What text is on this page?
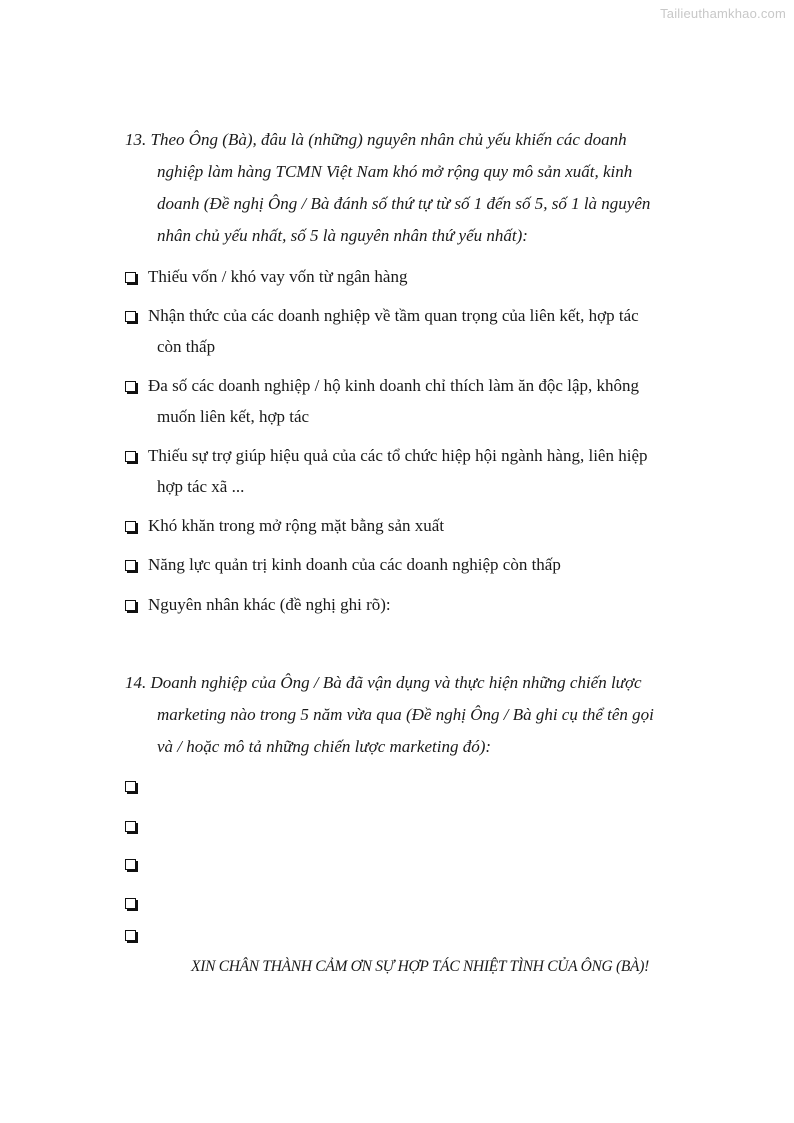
Tailieuthamkhao.com
13. Theo Ông (Bà), đâu là (những) nguyên nhân chủ yếu khiến các doanh
nghiệp làm hàng TCMN Việt Nam khó mở rộng quy mô sản xuất, kinh
doanh (Đề nghị Ông / Bà đánh số thứ tự từ số 1 đến số 5, số 1 là nguyên
nhân chủ yếu nhất, số 5 là nguyên nhân thứ yếu nhất):
Thiếu vốn / khó vay vốn từ ngân hàng
Nhận thức của các doanh nghiệp về tầm quan trọng của liên kết, hợp tác
còn thấp
Đa số các doanh nghiệp / hộ kinh doanh chỉ thích làm ăn độc lập, không
muốn liên kết, hợp tác
Thiếu sự trợ giúp hiệu quả của các tổ chức hiệp hội ngành hàng, liên hiệp
hợp tác xã ...
Khó khăn trong mở rộng mặt bằng sản xuất
Năng lực quản trị kinh doanh của các doanh nghiệp còn thấp
Nguyên nhân khác (đề nghị ghi rõ):
14. Doanh nghiệp của Ông / Bà đã vận dụng và thực hiện những chiến lược
marketing nào trong 5 năm vừa qua (Đề nghị Ông / Bà ghi cụ thể tên gọi
và / hoặc mô tả những chiến lược marketing đó):
XIN CHÂN THÀNH CẢM ƠN SỰ HỢP TÁC NHIỆT TÌNH CỦA ÔNG (BÀ)!
